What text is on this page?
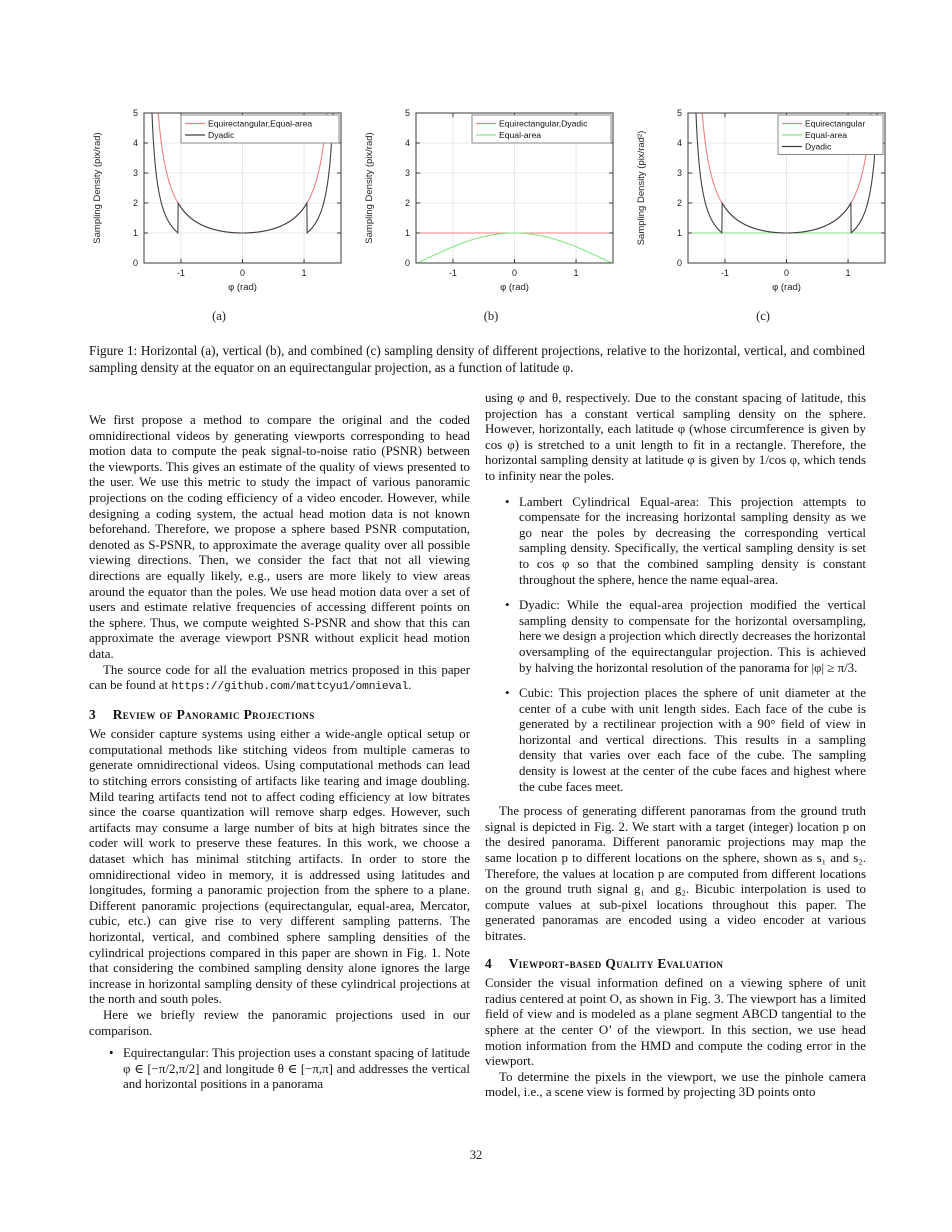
-1	0	1
0
1
2
3
4
5
φ (rad)
Sampling Density (pix/rad)
Equirectangular,Equal-area
Dyadic
(a)
-1	0	1
0
1
2
3
4
5
φ (rad)
Sampling Density (pix/rad)
Equirectangular,Dyadic
Equal-area
(b)
-1	0	1
0
1
2
3
4
5
φ (rad)
Sampling Density (pix/rad²)
Equirectangular
Equal-area
Dyadic
(c)

Figure 1: Horizontal (a), vertical (b), and combined (c) sampling density of different projections, relative to the horizontal, vertical, and combined sampling density at the equator on an equirectangular projection, as a function of latitude φ.

We first propose a method to compare the original and the coded omnidirectional videos by generating viewports corresponding to head motion data to compute the peak signal-to-noise ratio (PSNR) between the viewports. This gives an estimate of the quality of views presented to the user. We use this metric to study the impact of various panoramic projections on the coding efficiency of a video encoder. However, while designing a coding system, the actual head motion data is not known beforehand. Therefore, we propose a sphere based PSNR computation, denoted as S-PSNR, to approximate the average quality over all possible viewing directions. Then, we consider the fact that not all viewing directions are equally likely, e.g., users are more likely to view areas around the equator than the poles. We use head motion data over a set of users and estimate relative frequencies of accessing different points on the sphere. Thus, we compute weighted S-PSNR and show that this can approximate the average viewport PSNR without explicit head motion data.

The source code for all the evaluation metrics proposed in this paper can be found at https://github.com/mattcyu1/omnieval.

3 Review of Panoramic Projections

We consider capture systems using either a wide-angle optical setup or computational methods like stitching videos from multiple cameras to generate omnidirectional videos. Using computational methods can lead to stitching errors consisting of artifacts like tearing and image doubling. Mild tearing artifacts tend not to affect coding efficiency at low bitrates since the coarse quantization will remove sharp edges. However, such artifacts may consume a large number of bits at high bitrates since the coder will work to preserve these features. In this work, we choose a dataset which has minimal stitching artifacts. In order to store the omnidirectional video in memory, it is addressed using latitudes and longitudes, forming a panoramic projection from the sphere to a plane. Different panoramic projections (equirectangular, equal-area, Mercator, cubic, etc.) can give rise to very different sampling patterns. The horizontal, vertical, and combined sphere sampling densities of the cylindrical projections compared in this paper are shown in Fig. 1. Note that considering the combined sampling density alone ignores the large increase in horizontal sampling density of these cylindrical projections at the north and south poles.

Here we briefly review the panoramic projections used in our comparison.

• Equirectangular: This projection uses a constant spacing of latitude φ ∈ [−π/2,π/2] and longitude θ ∈ [−π,π] and addresses the vertical and horizontal positions in a panorama

using φ and θ, respectively. Due to the constant spacing of latitude, this projection has a constant vertical sampling density on the sphere. However, horizontally, each latitude φ (whose circumference is given by cos φ) is stretched to a unit length to fit in a rectangle. Therefore, the horizontal sampling density at latitude φ is given by 1/cos φ, which tends to infinity near the poles.

• Lambert Cylindrical Equal-area: This projection attempts to compensate for the increasing horizontal sampling density as we go near the poles by decreasing the corresponding vertical sampling density. Specifically, the vertical sampling density is set to cos φ so that the combined sampling density is constant throughout the sphere, hence the name equal-area.
• Dyadic: While the equal-area projection modified the vertical sampling density to compensate for the horizontal oversampling, here we design a projection which directly decreases the horizontal oversampling of the equirectangular projection. This is achieved by halving the horizontal resolution of the panorama for |φ| ≥ π/3.
• Cubic: This projection places the sphere of unit diameter at the center of a cube with unit length sides. Each face of the cube is generated by a rectilinear projection with a 90° field of view in horizontal and vertical directions. This results in a sampling density that varies over each face of the cube. The sampling density is lowest at the center of the cube faces and highest where the cube faces meet.

The process of generating different panoramas from the ground truth signal is depicted in Fig. 2. We start with a target (integer) location p on the desired panorama. Different panoramic projections may map the same location p to different locations on the sphere, shown as s₁ and s₂. Therefore, the values at location p are computed from different locations on the ground truth signal g₁ and g₂. Bicubic interpolation is used to compute values at sub-pixel locations throughout this paper. The generated panoramas are encoded using a video encoder at various bitrates.

4 Viewport-based Quality Evaluation

Consider the visual information defined on a viewing sphere of unit radius centered at point O, as shown in Fig. 3. The viewport has a limited field of view and is modeled as a plane segment ABCD tangential to the sphere at the center O’ of the viewport. In this section, we use head motion information from the HMD and compute the coding error in the viewport.

To determine the pixels in the viewport, we use the pinhole camera model, i.e., a scene view is formed by projecting 3D points onto

32
